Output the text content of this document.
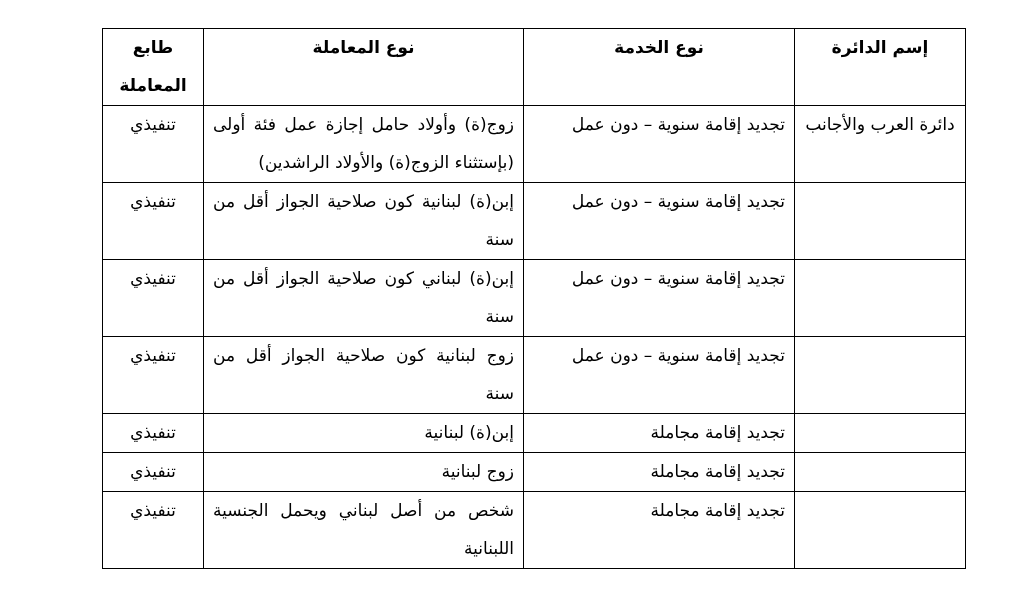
إسم الدائرة	نوع الخدمة	نوع المعاملة	طابع المعاملة
دائرة العرب والأجانب	تجديد إقامة سنوية – دون عمل	زوج(ة) وأولاد حامل إجازة عمل فئة أولى (بإستثناء الزوج(ة) والأولاد الراشدين)	تنفيذي
	تجديد إقامة سنوية – دون عمل	إبن(ة) لبنانية كون صلاحية الجواز أقل من سنة	تنفيذي
	تجديد إقامة سنوية – دون عمل	إبن(ة) لبناني كون صلاحية الجواز أقل من سنة	تنفيذي
	تجديد إقامة سنوية – دون عمل	زوج لبنانية كون صلاحية الجواز أقل من سنة	تنفيذي
	تجديد إقامة مجاملة	إبن(ة) لبنانية	تنفيذي
	تجديد إقامة مجاملة	زوج لبنانية	تنفيذي
	تجديد إقامة مجاملة	شخص من أصل لبناني ويحمل الجنسية اللبنانية	تنفيذي
